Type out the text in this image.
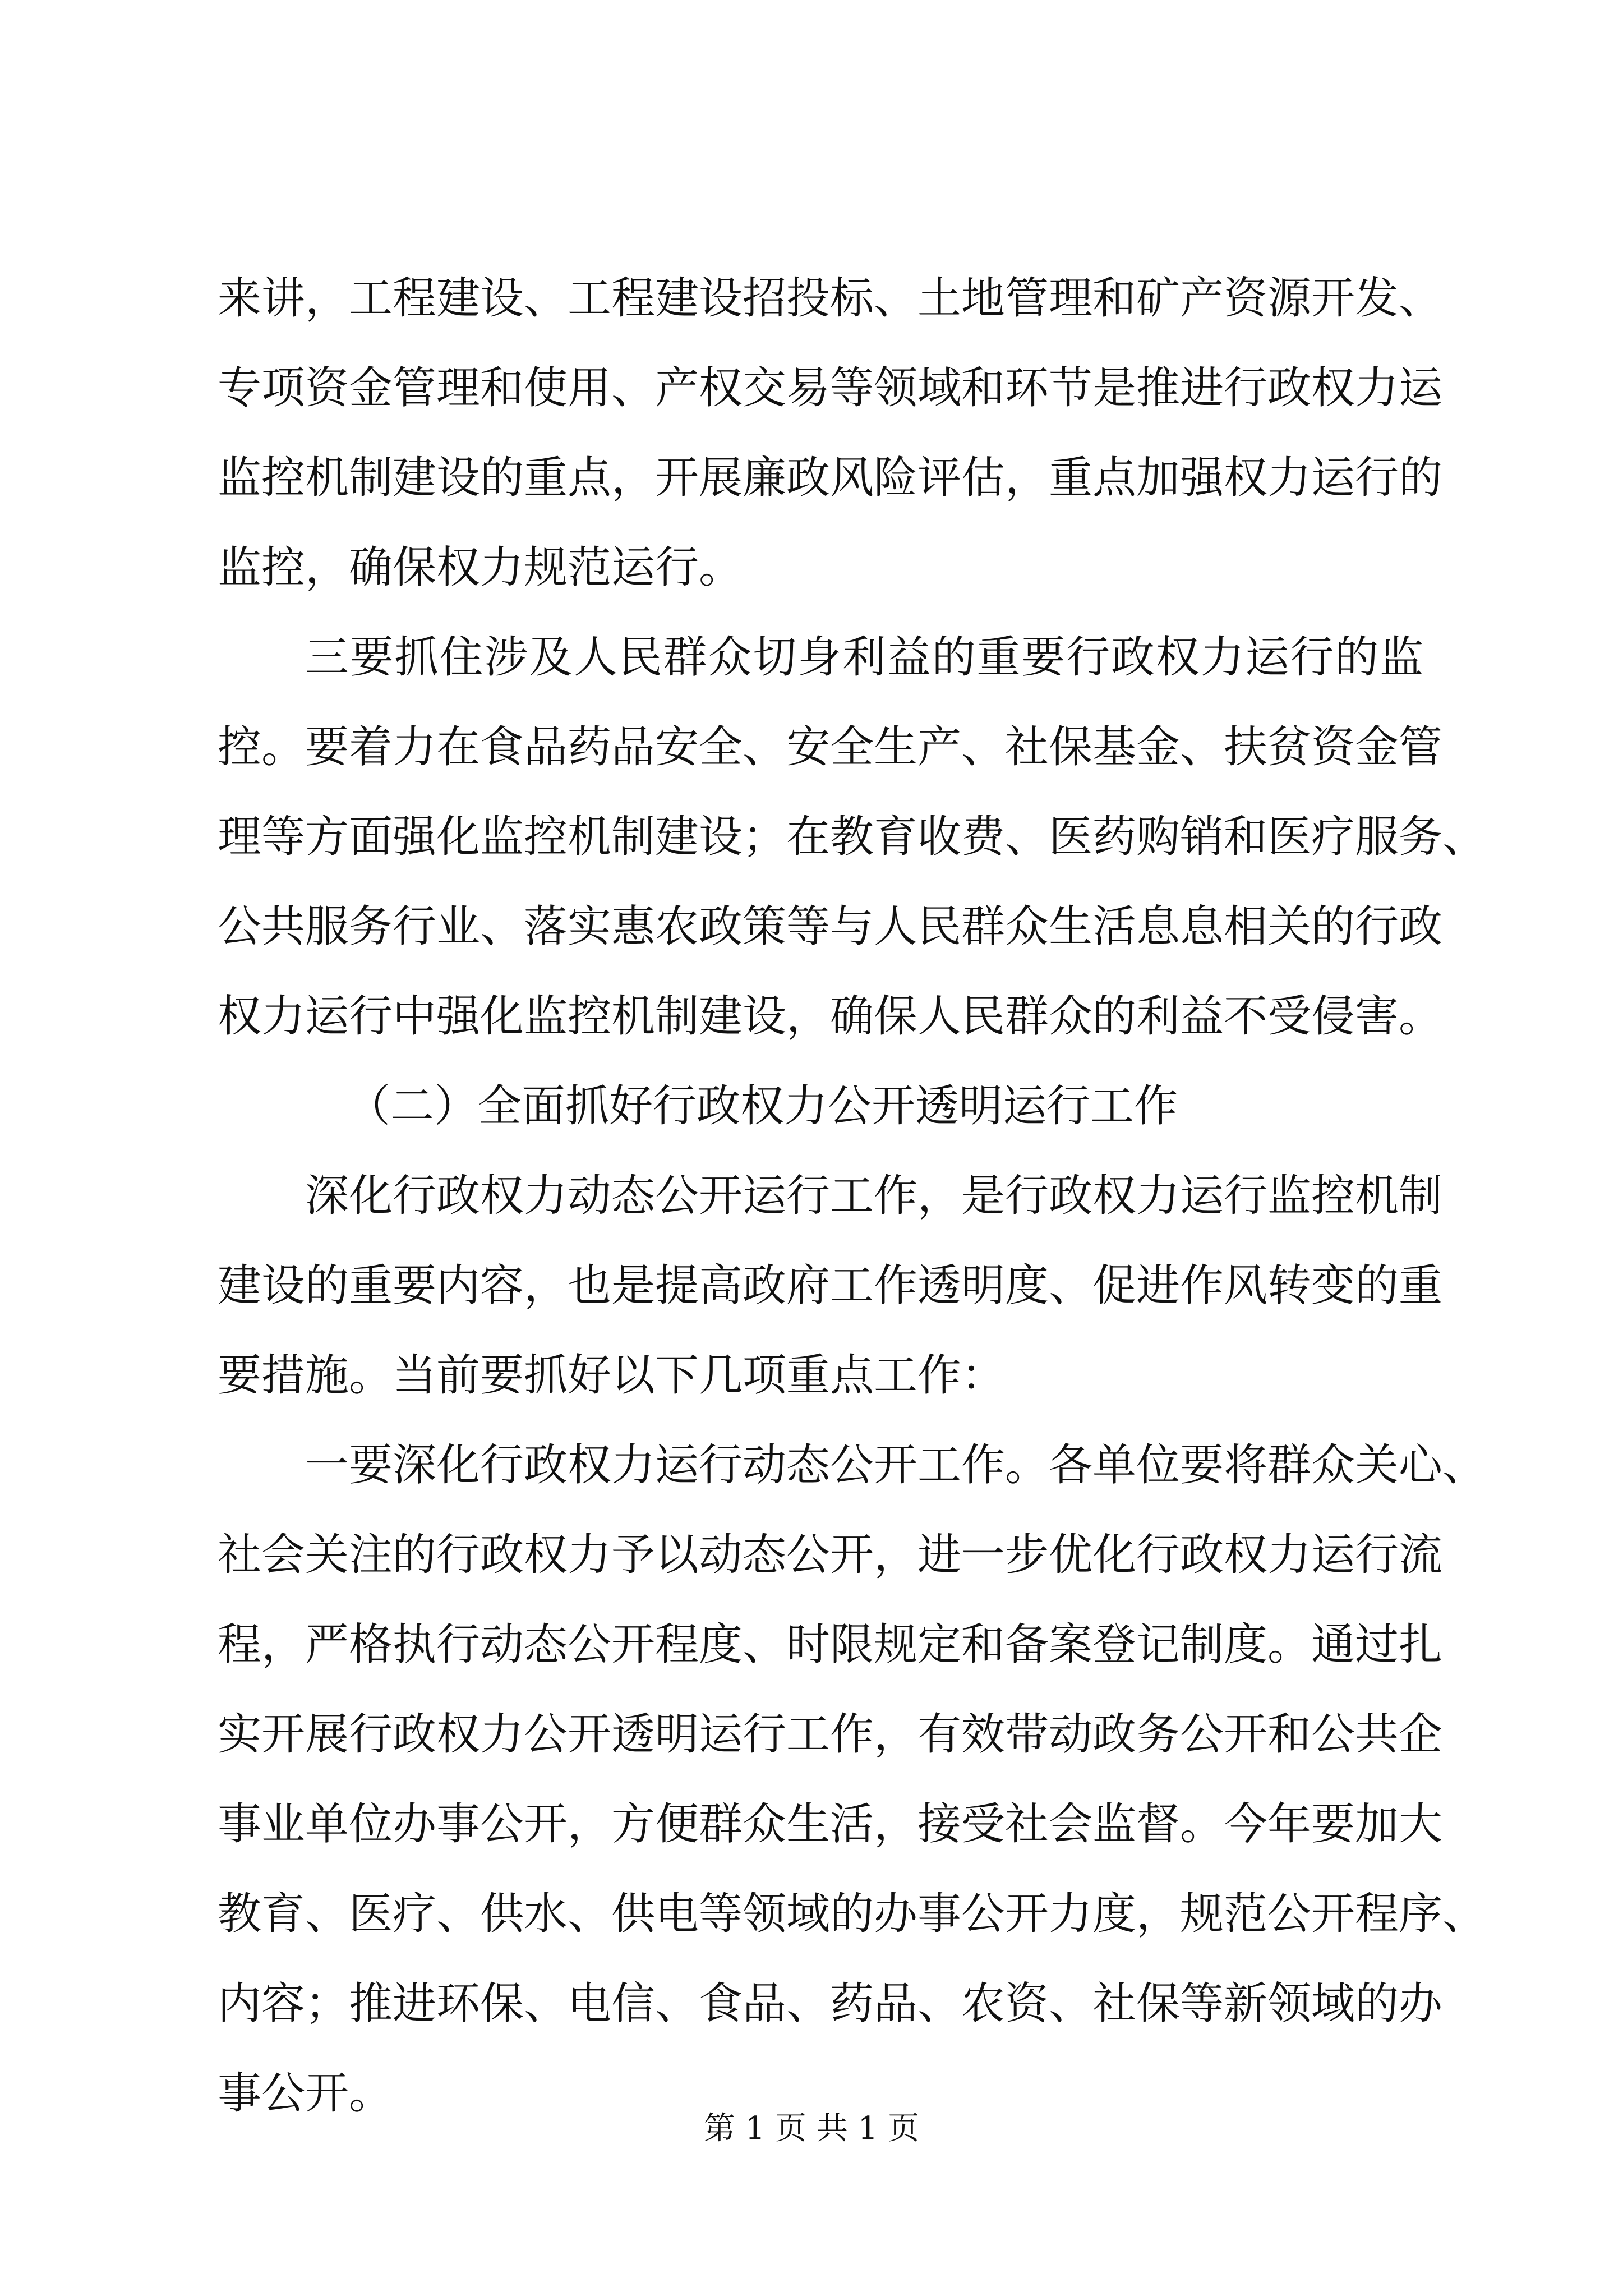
来讲，工程建设、工程建设招投标、土地管理和矿产资源开发、
专项资金管理和使用、产权交易等领域和环节是推进行政权力运
监控机制建设的重点，开展廉政风险评估，重点加强权力运行的
监控，确保权力规范运行。
三要抓住涉及人民群众切身利益的重要行政权力运行的监
控。要着力在食品药品安全、安全生产、社保基金、扶贫资金管
理等方面强化监控机制建设；在教育收费、医药购销和医疗服务、
公共服务行业、落实惠农政策等与人民群众生活息息相关的行政
权力运行中强化监控机制建设，确保人民群众的利益不受侵害。
（二）全面抓好行政权力公开透明运行工作
深化行政权力动态公开运行工作，是行政权力运行监控机制
建设的重要内容，也是提高政府工作透明度、促进作风转变的重
要措施。当前要抓好以下几项重点工作：
一要深化行政权力运行动态公开工作。各单位要将群众关心、
社会关注的行政权力予以动态公开，进一步优化行政权力运行流
程，严格执行动态公开程度、时限规定和备案登记制度。通过扎
实开展行政权力公开透明运行工作，有效带动政务公开和公共企
事业单位办事公开，方便群众生活，接受社会监督。今年要加大
教育、医疗、供水、供电等领域的办事公开力度，规范公开程序、
内容；推进环保、电信、食品、药品、农资、社保等新领域的办
事公开。
第 1 页 共 1 页
